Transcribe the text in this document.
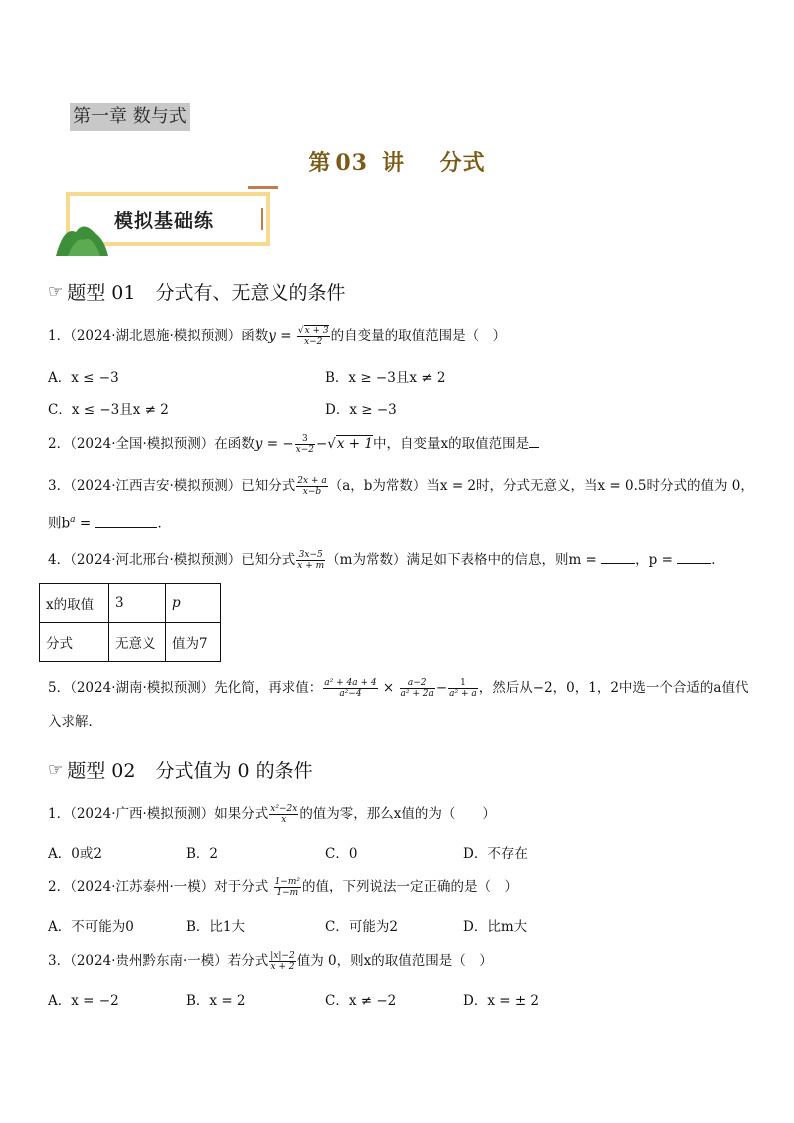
第一章 数与式
第 03 讲 分式
模拟基础练
☞ 题型 01 分式有、无意义的条件
1．（2024·湖北恩施·模拟预测）函数$y = \frac{√x + 3}{x-2}$ 的自变量的取值范围是（　）
A．x ≤ −3	B．x ≥ −3且x ≠ 2
C．x ≤ −3且x ≠ 2	D．x ≥ −3
2．（2024·全国·模拟预测）在函数y = − $\frac{3}{x-2} -√x + 1$中，自变量x的取值范围是
3．（2024·江西吉安·模拟预测）已知分式 $\frac{2x + a}{x-b} (a$，b为常数）当x = 2时，分式无意义，当x = 0.5时分式的值为 0，
则$b^a$ =	．
4．（2024·河北邢台·模拟预测）已知分式 $\frac{3x-5}{x + m} (m$为常数）满足如下表格中的信息，则m =	，p =	．
x的取值	3	p
分式	无意义	值为7
5．（2024·湖南·模拟预测）先化简，再求值： $\frac{\text{a² + 4a + 4}}{\text{a²−4}} \times \frac{a-2}{\text{a² + 2a}} - \frac{1}{\text{a² + a}}$ ，然后从−2，0，1，2中选一个合适的a值代
入求解．
☞ 题型 02 分式值为 0 的条件
1．（2024·广西·模拟预测）如果分式 $\frac{\text{x²−2x}}{x}$ 的值为零，那么x值的为（　　）
A．0或2	B．2	C．0	D．不存在
2．（2024·江苏泰州·一模）对于分式 $\frac{\text{1−m²}}{1-m}$ 的值，下列说法一定正确的是（　）
A．不可能为0	B．比1大	C．可能为2	D．比m大
3．（2024·贵州黔东南·一模）若分式 $\frac{|x|-2}{x + 2}$ 值为 0，则x的取值范围是（　）
A．x = −2	B．x = 2	C．x ≠ −2	D．x = ± 2
